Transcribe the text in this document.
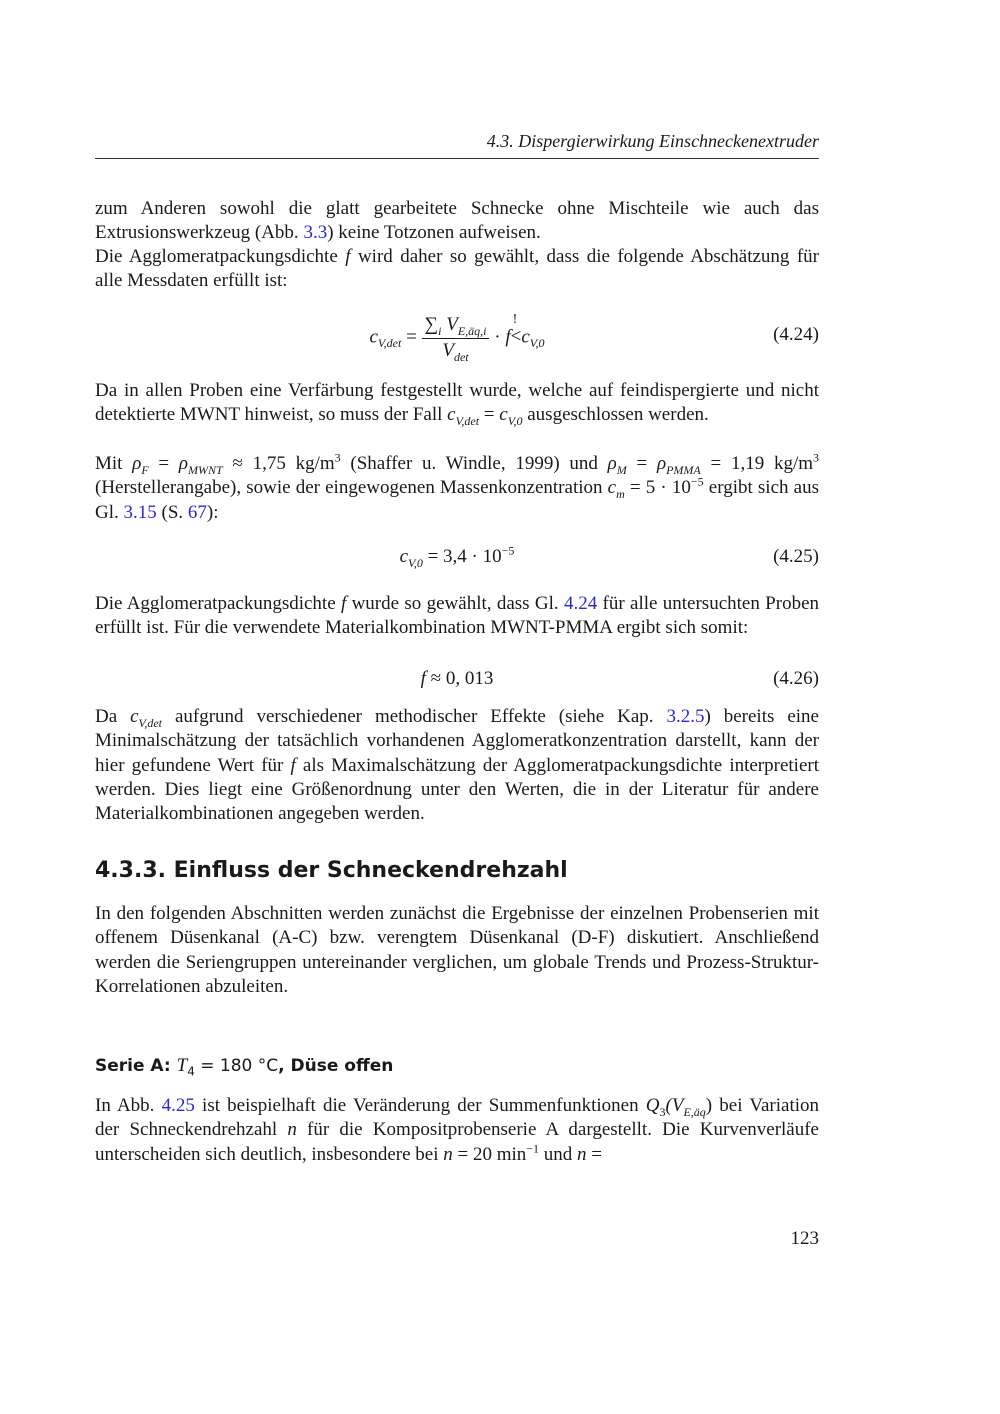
4.3. Dispergierwirkung Einschneckenextruder

zum Anderen sowohl die glatt gearbeitete Schnecke ohne Mischteile wie auch das Extrusionswerkzeug (Abb. 3.3) keine Totzonen aufweisen.

Die Agglomeratpackungsdichte f wird daher so gewählt, dass die folgende Abschätzung für alle Messdaten erfüllt ist:

$c_{V,det} = \frac{\sum_i V_{E,äq,i}}{V_{det}} \cdot f$
!
$<c_{V,0}$	(4.24)

Da in allen Proben eine Verfärbung festgestellt wurde, welche auf feindispergierte und nicht detektierte MWNT hinweist, so muss der Fall $c_{V,det} = c_{V,0}$ ausgeschlossen werden.

Mit $\rho_F = \rho_{MWNT} \approx 1,75$ $kg/m^3$ (Shaffer u. Windle, 1999) und $\rho_M = \rho_{PMMA} = 1,19$ $kg/m^3$ (Herstellerangabe), sowie der eingewogenen Massenkonzentration $c_m = 5 \cdot 10^{-5}$ ergibt sich aus Gl. 3.15 (S. 67):

$c_{V,0} = 3,4 \cdot 10^{-5}$	(4.25)

Die Agglomeratpackungsdichte f wurde so gewählt, dass Gl. 4.24 für alle untersuchten Proben erfüllt ist. Für die verwendete Materialkombination MWNT-PMMA ergibt sich somit:

f ≈ 0, 013	(4.26)

Da $c_{V,det}$ aufgrund verschiedener methodischer Effekte (siehe Kap. 3.2.5) bereits eine Minimalschätzung der tatsächlich vorhandenen Agglomeratkonzentration darstellt, kann der hier gefundene Wert für f als Maximalschätzung der Agglomeratpackungsdichte interpretiert werden. Dies liegt eine Größenordnung unter den Werten, die in der Literatur für andere Materialkombinationen angegeben werden.

4.3.3. Einfluss der Schneckendrehzahl

In den folgenden Abschnitten werden zunächst die Ergebnisse der einzelnen Probenserien mit offenem Düsenkanal (A-C) bzw. verengtem Düsenkanal (D-F) diskutiert. Anschließend werden die Seriengruppen untereinander verglichen, um globale Trends und Prozess-Struktur-Korrelationen abzuleiten.

Serie A: $T_4 = 180$ °C, Düse offen

In Abb. 4.25 ist beispielhaft die Veränderung der Summenfunktionen $Q_3(V_{E,äq})$ bei Variation der Schneckendrehzahl n für die Kompositprobenserie A dargestellt. Die Kurvenverläufe unterscheiden sich deutlich, insbesondere bei n = 20 $\min^{-1}$ und n =

123
